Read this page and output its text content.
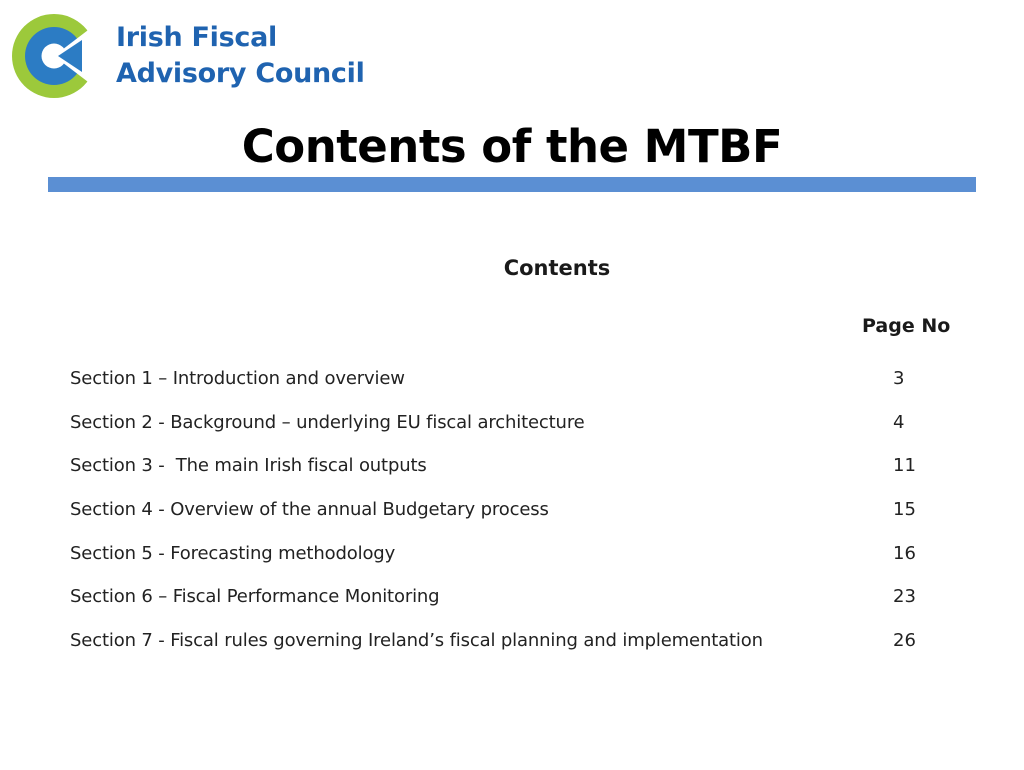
Irish Fiscal
Advisory Council
Contents of the MTBF
Contents
Page No
Section 1 – Introduction and overview	3
Section 2 - Background – underlying EU fiscal architecture	4
Section 3 -  The main Irish fiscal outputs	11
Section 4 - Overview of the annual Budgetary process	15
Section 5 - Forecasting methodology	16
Section 6 – Fiscal Performance Monitoring	23
Section 7 - Fiscal rules governing Ireland’s fiscal planning and implementation	26
